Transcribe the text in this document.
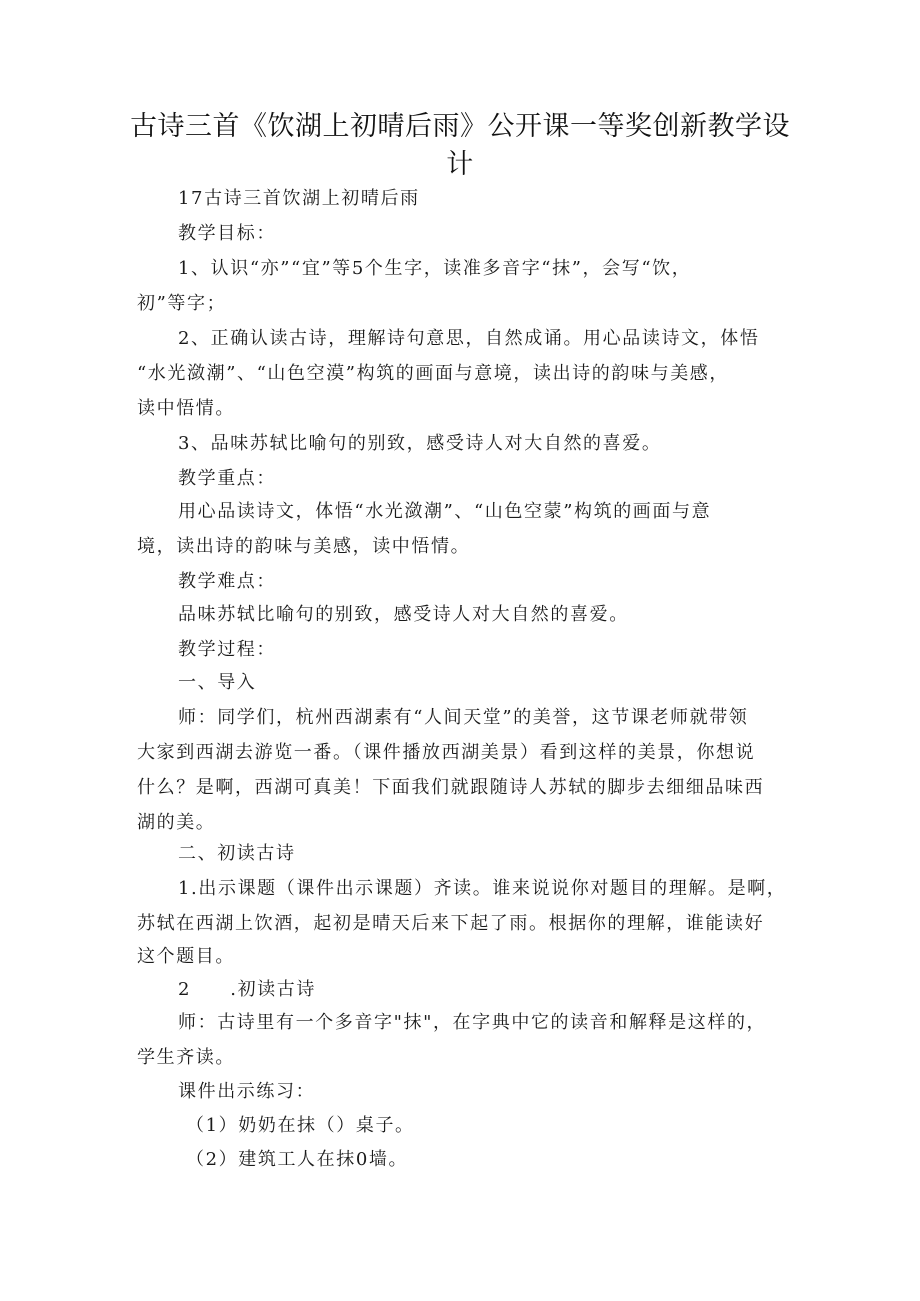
古诗三首《饮湖上初晴后雨》公开课一等奖创新教学设
计
17古诗三首饮湖上初晴后雨
教学目标：
1、认识“亦”“宜”等5个生字，读准多音字“抹”，会写“饮，
初”等字；
2、正确认读古诗，理解诗句意思，自然成诵。用心品读诗文，体悟
“水光潋潮”、“山色空漠”构筑的画面与意境，读出诗的韵味与美感，
读中悟情。
3、品味苏轼比喻句的别致，感受诗人对大自然的喜爱。
教学重点：
用心品读诗文，体悟“水光潋潮”、“山色空蒙”构筑的画面与意
境，读出诗的韵味与美感，读中悟情。
教学难点：
品味苏轼比喻句的别致，感受诗人对大自然的喜爱。
教学过程：
一、导入
师：同学们，杭州西湖素有“人间天堂”的美誉，这节课老师就带领
大家到西湖去游览一番。（课件播放西湖美景）看到这样的美景，你想说
什么？是啊，西湖可真美！下面我们就跟随诗人苏轼的脚步去细细品味西
湖的美。
二、初读古诗
1.出示课题（课件出示课题）齐读。谁来说说你对题目的理解。是啊，
苏轼在西湖上饮酒，起初是晴天后来下起了雨。根据你的理解，谁能读好
这个题目。
2　　.初读古诗
师：古诗里有一个多音字"抹"，在字典中它的读音和解释是这样的，
学生齐读。
课件出示练习：
（1）奶奶在抹（）桌子。
（2）建筑工人在抹0墙。
